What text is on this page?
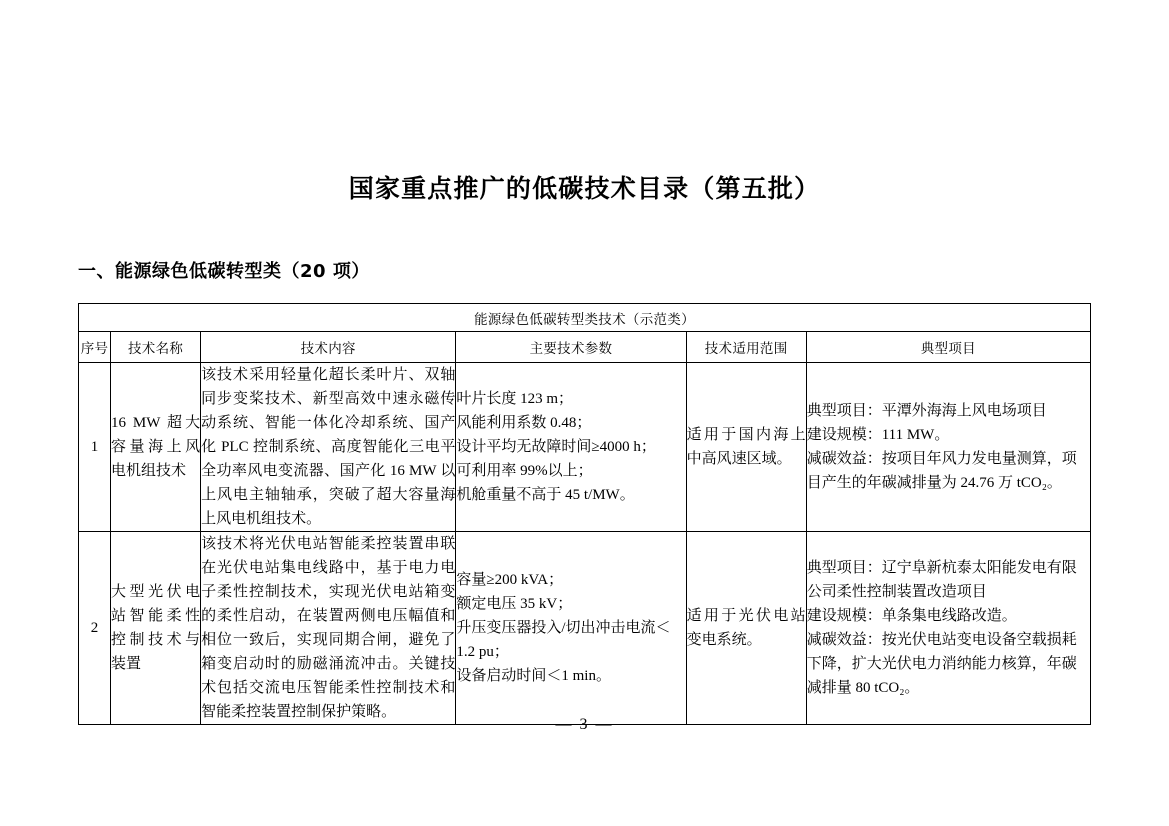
国家重点推广的低碳技术目录（第五批）
一、能源绿色低碳转型类（20 项）
能源绿色低碳转型类技术（示范类）					
序号	技术名称	技术内容	主要技术参数	技术适用范围	典型项目
1	16 MW 超大容量海上风电机组技术	该技术采用轻量化超长柔叶片、双轴同步变桨技术、新型高效中速永磁传动系统、智能一体化冷却系统、国产化 PLC 控制系统、高度智能化三电平全功率风电变流器、国产化 16 MW 以上风电主轴轴承，突破了超大容量海上风电机组技术。	叶片长度 123 m；
风能利用系数 0.48；
设计平均无故障时间≥4000 h；
可利用率 99%以上；
机舱重量不高于 45 t/MW。	适用于国内海上中高风速区域。	典型项目：平潭外海海上风电场项目
建设规模：111 MW。
减碳效益：按项目年风力发电量测算，项目产生的年碳减排量为 24.76 万 tCO₂。

2	大型光伏电站智能柔性控制技术与装置	该技术将光伏电站智能柔控装置串联在光伏电站集电线路中，基于电力电子柔性控制技术，实现光伏电站箱变的柔性启动，在装置两侧电压幅值和相位一致后，实现同期合闸，避免了箱变启动时的励磁涌流冲击。关键技术包括交流电压智能柔性控制技术和智能柔控装置控制保护策略。	容量≥200 kVA；
额定电压 35 kV；
升压变压器投入/切出冲击电流＜1.2 pu；
设备启动时间＜1 min。	适用于光伏电站变电系统。	典型项目：辽宁阜新杭泰太阳能发电有限公司柔性控制装置改造项目
建设规模：单条集电线路改造。
减碳效益：按光伏电站变电设备空载损耗下降，扩大光伏电力消纳能力核算，年碳减排量 80 tCO₂。
— 3 —
